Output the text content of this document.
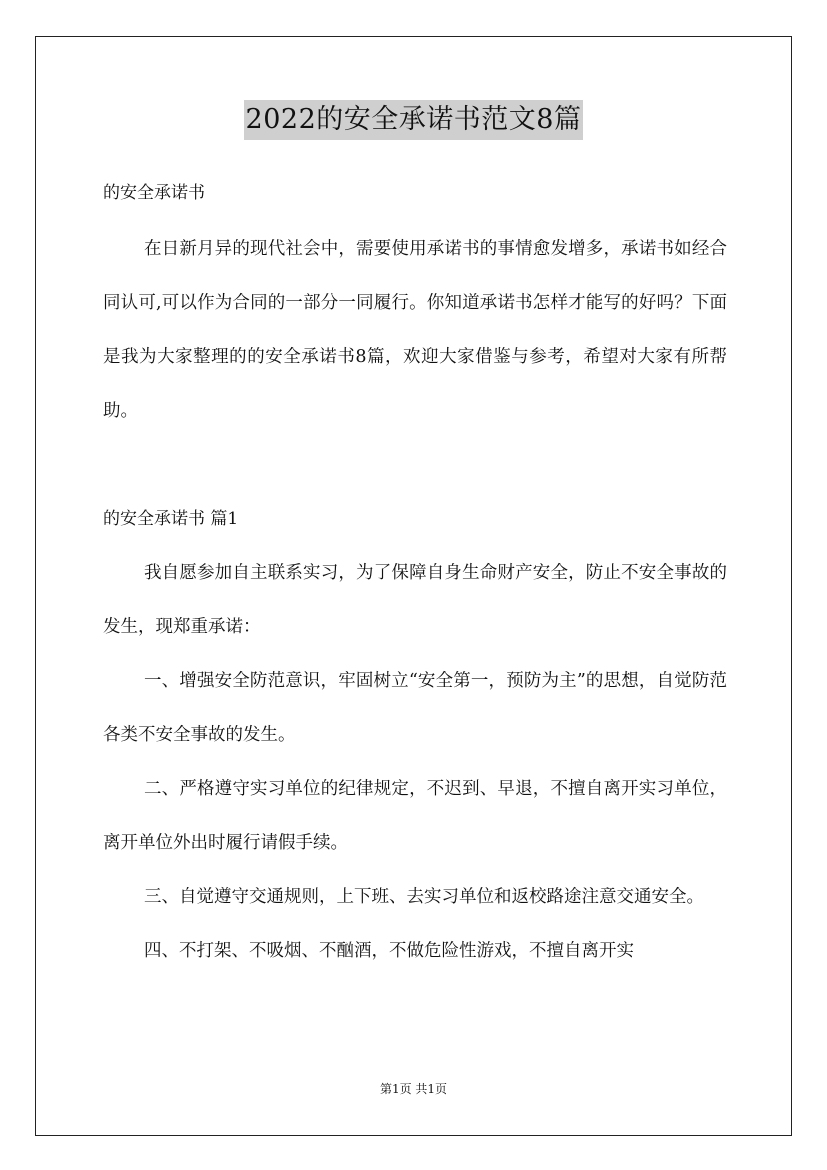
2022的安全承诺书范文8篇
的安全承诺书

在日新月异的现代社会中，需要使用承诺书的事情愈发增多，承诺书如经合同认可,可以作为合同的一部分一同履行。你知道承诺书怎样才能写的好吗？下面是我为大家整理的的安全承诺书8篇，欢迎大家借鉴与参考，希望对大家有所帮助。

的安全承诺书 篇1

我自愿参加自主联系实习，为了保障自身生命财产安全，防止不安全事故的发生，现郑重承诺：

一、增强安全防范意识，牢固树立“安全第一，预防为主”的思想，自觉防范各类不安全事故的发生。

二、严格遵守实习单位的纪律规定，不迟到、早退，不擅自离开实习单位，离开单位外出时履行请假手续。

三、自觉遵守交通规则，上下班、去实习单位和返校路途注意交通安全。

四、不打架、不吸烟、不酗酒，不做危险性游戏，不擅自离开实

第1页 共1页
